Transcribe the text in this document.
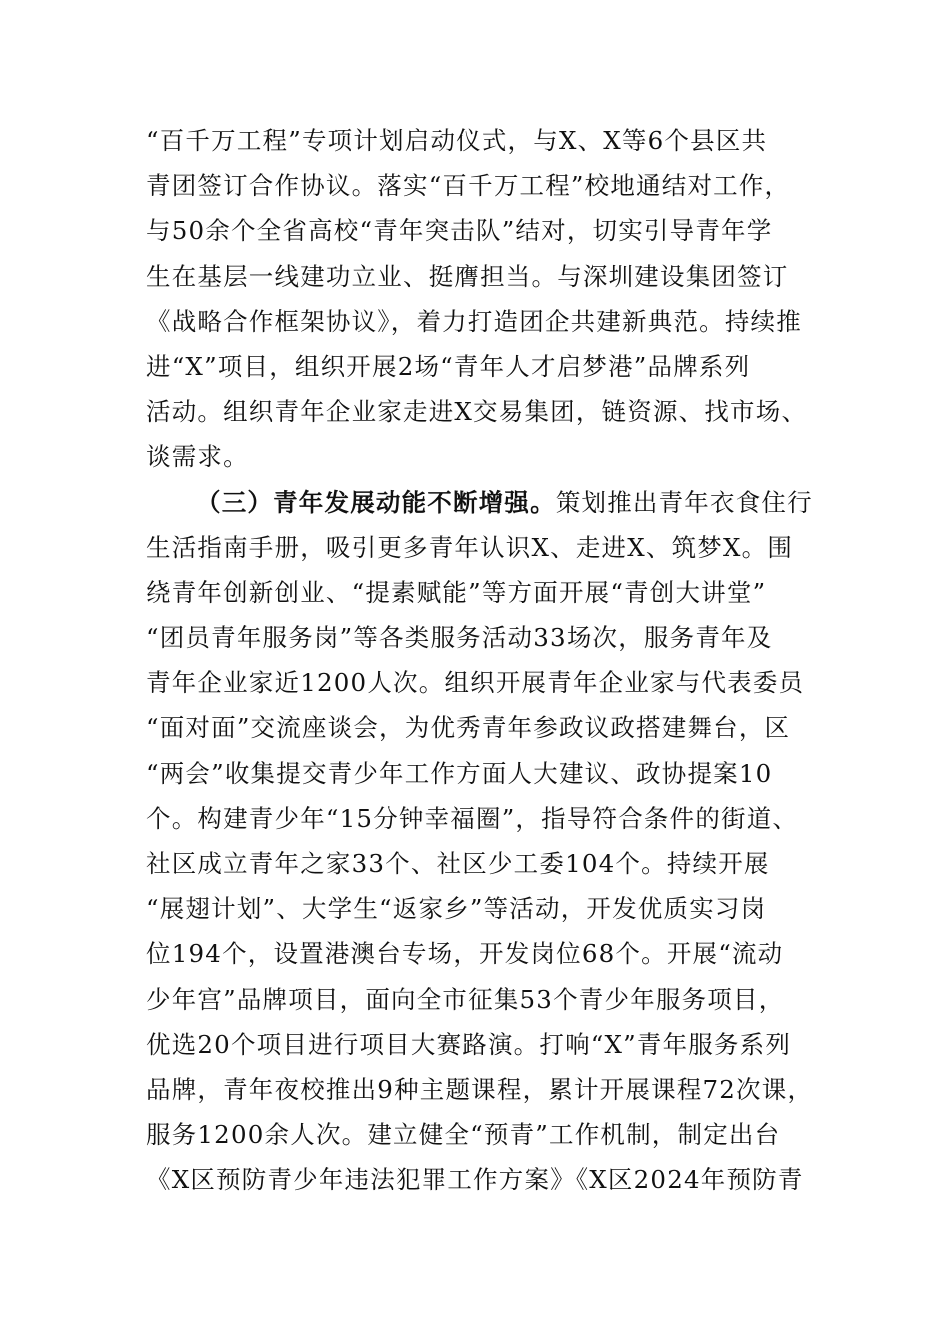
“百千万工程”专项计划启动仪式，与X、X等6个县区共
青团签订合作协议。落实“百千万工程”校地通结对工作，
与50余个全省高校“青年突击队”结对，切实引导青年学
生在基层一线建功立业、挺膺担当。与深圳建设集团签订
《战略合作框架协议》，着力打造团企共建新典范。持续推
进“X”项目，组织开展2场“青年人才启梦港”品牌系列
活动。组织青年企业家走进X交易集团，链资源、找市场、
谈需求。
（三）青年发展动能不断增强。策划推出青年衣食住行
生活指南手册，吸引更多青年认识X、走进X、筑梦X。围
绕青年创新创业、“提素赋能”等方面开展“青创大讲堂”
“团员青年服务岗”等各类服务活动33场次，服务青年及
青年企业家近1200人次。组织开展青年企业家与代表委员
“面对面”交流座谈会，为优秀青年参政议政搭建舞台，区
“两会”收集提交青少年工作方面人大建议、政协提案10
个。构建青少年“15分钟幸福圈”，指导符合条件的街道、
社区成立青年之家33个、社区少工委104个。持续开展
“展翅计划”、大学生“返家乡”等活动，开发优质实习岗
位194个，设置港澳台专场，开发岗位68个。开展“流动
少年宫”品牌项目，面向全市征集53个青少年服务项目，
优选20个项目进行项目大赛路演。打响“X”青年服务系列
品牌，青年夜校推出9种主题课程，累计开展课程72次课，
服务1200余人次。建立健全“预青”工作机制，制定出台
《X区预防青少年违法犯罪工作方案》《X区2024年预防青
